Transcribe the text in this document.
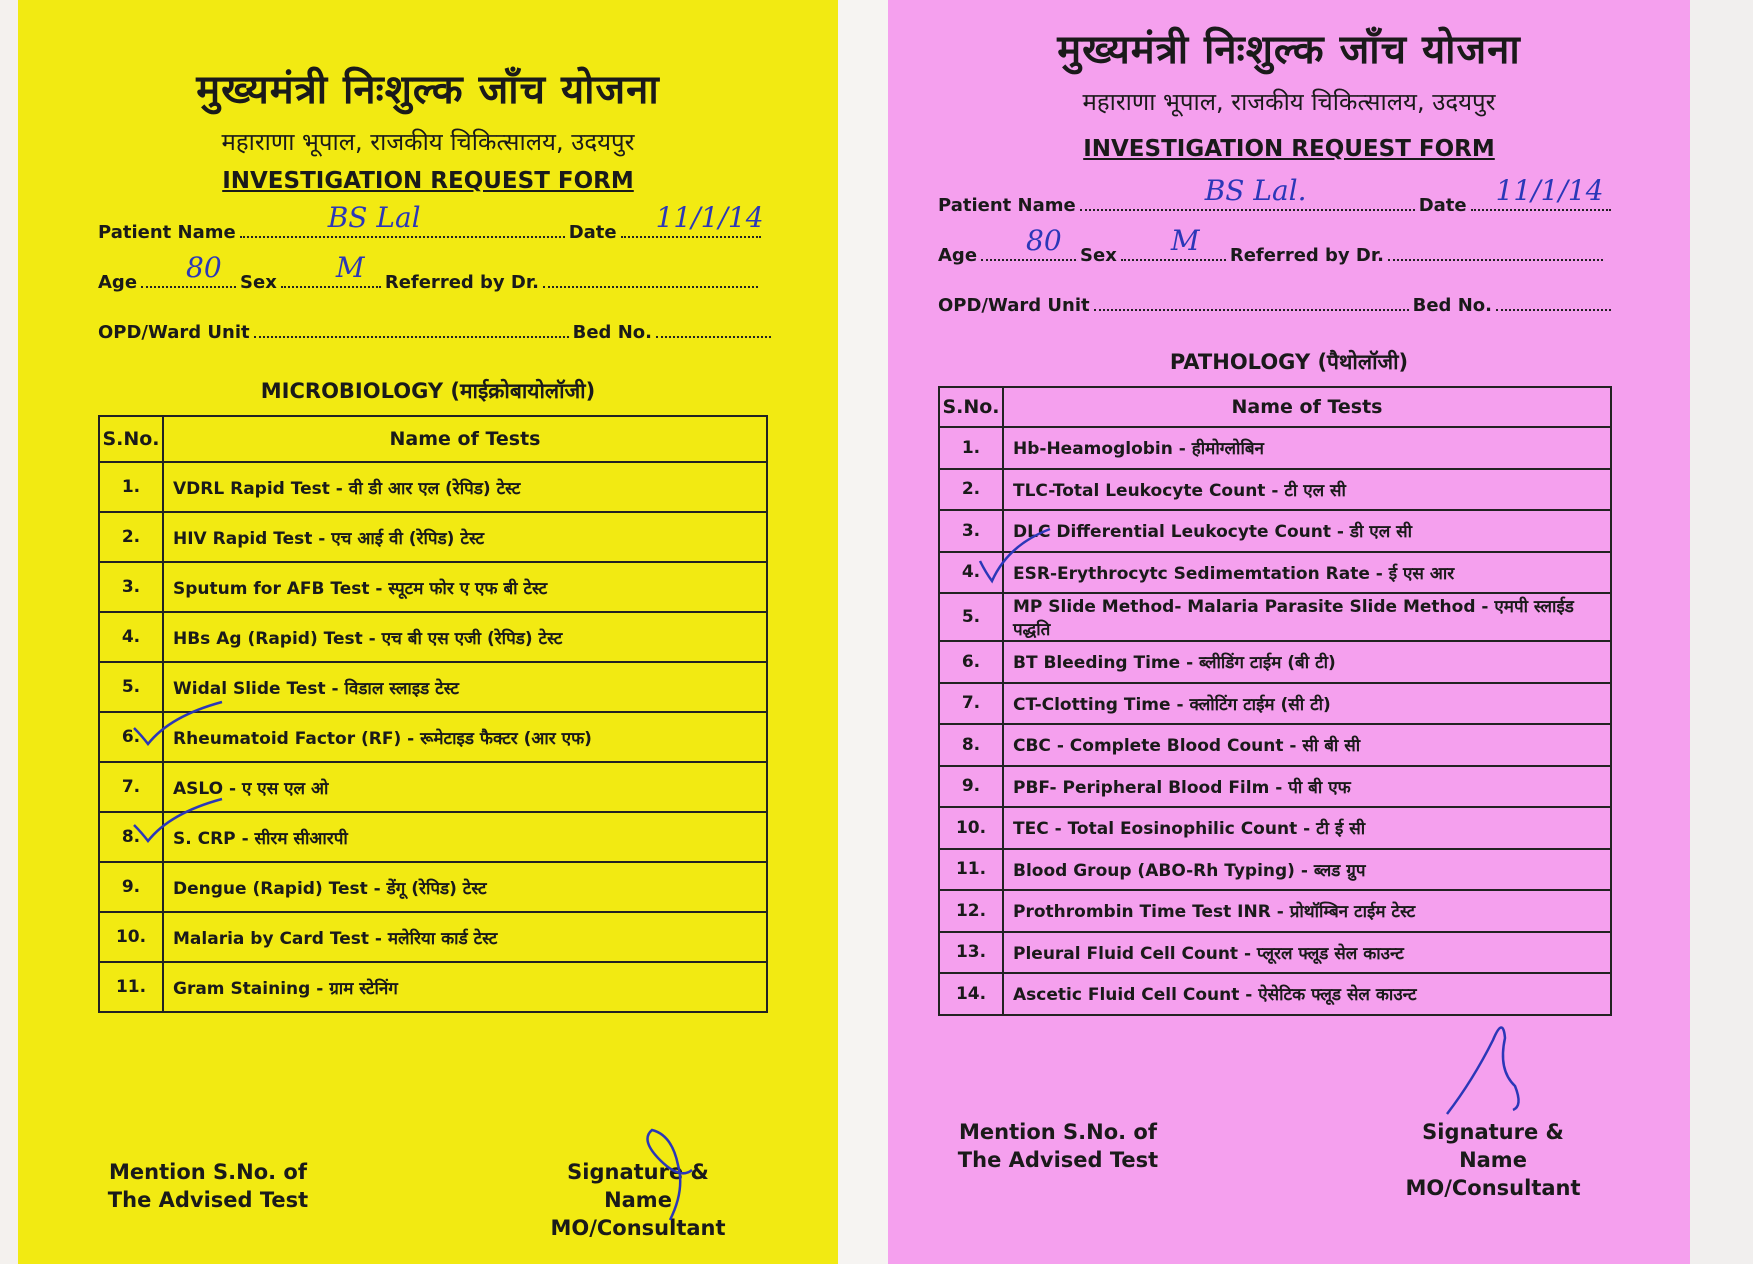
मुख्यमंत्री निःशुल्क जाँच योजना
महाराणा भूपाल, राजकीय चिकित्सालय, उदयपुर
INVESTIGATION REQUEST FORM
Patient Name	BS Lal	Date 11/1/14
Age 80 Sex M Referred by Dr.
OPD/Ward Unit	Bed No.
MICROBIOLOGY (माईक्रोबायोलॉजी)
S.No.	Name of Tests
1.	VDRL Rapid Test - वी डी आर एल (रेपिड) टेस्ट
2.	HIV Rapid Test - एच आई वी (रेपिड) टेस्ट
3.	Sputum for AFB Test - स्पूटम फोर ए एफ बी टेस्ट
4.	HBs Ag (Rapid) Test - एच बी एस एजी (रेपिड) टेस्ट
5.	Widal Slide Test - विडाल स्लाइड टेस्ट
6.	Rheumatoid Factor (RF) - रूमेटाइड फैक्टर (आर एफ)
7.	ASLO - ए एस एल ओ
8.	S. CRP - सीरम सीआरपी
9.	Dengue (Rapid) Test - डेंगू (रेपिड) टेस्ट
10.	Malaria by Card Test - मलेरिया कार्ड टेस्ट
11.	Gram Staining - ग्राम स्टेनिंग
Mention S.No. of
The Advised Test
Signature & Name
MO/Consultant
मुख्यमंत्री निःशुल्क जाँच योजना
महाराणा भूपाल, राजकीय चिकित्सालय, उदयपुर
INVESTIGATION REQUEST FORM
Patient Name	BS Lal.	Date 11/1/14
Age 80 Sex M Referred by Dr.
OPD/Ward Unit	Bed No.
PATHOLOGY (पैथोलॉजी)
S.No.	Name of Tests
1.	Hb-Heamoglobin - हीमोग्लोबिन
2.	TLC-Total Leukocyte Count - टी एल सी
3.	DLC Differential Leukocyte Count - डी एल सी
4.	ESR-Erythrocytc Sedimemtation Rate - ई एस आर
5.	MP Slide Method- Malaria Parasite Slide Method - एमपी स्लाईड पद्धति
6.	BT Bleeding Time - ब्लीडिंग टाईम (बी टी)
7.	CT-Clotting Time - क्लोटिंग टाईम (सी टी)
8.	CBC - Complete Blood Count - सी बी सी
9.	PBF- Peripheral Blood Film - पी बी एफ
10.	TEC - Total Eosinophilic Count - टी ई सी
11.	Blood Group (ABO-Rh Typing) - ब्लड ग्रुप
12.	Prothrombin Time Test INR - प्रोथॉम्बिन टाईम टेस्ट
13.	Pleural Fluid Cell Count - प्लूरल फ्लूड सेल काउन्ट
14.	Ascetic Fluid Cell Count - ऐसेटिक फ्लूड सेल काउन्ट
Mention S.No. of
The Advised Test
Signature & Name
MO/Consultant
